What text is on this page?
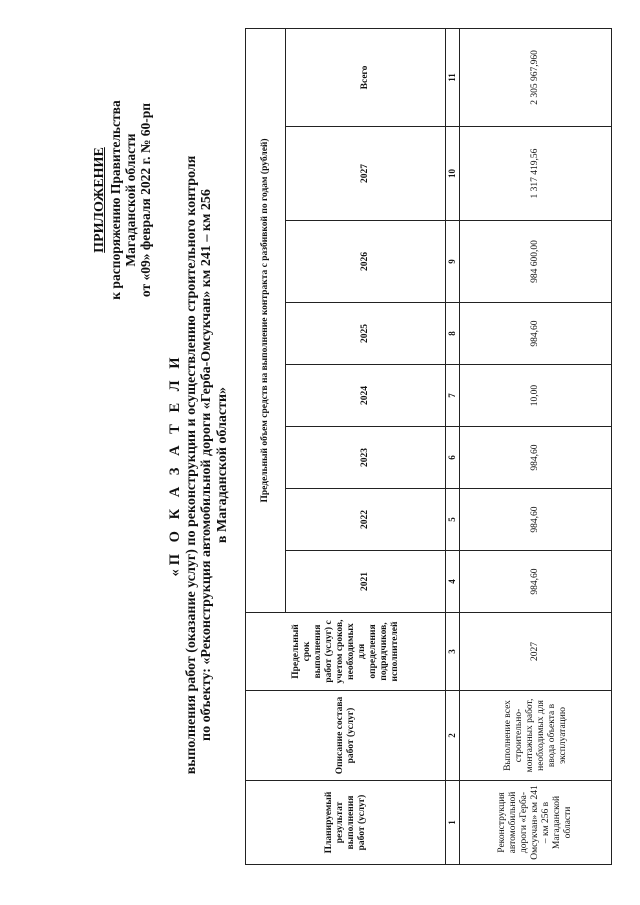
ПРИЛОЖЕНИЕ к распоряжению Правительства Магаданской области от «09» февраля 2022 г. № 60-рп
«П О К А З А Т Е Л И выполнения работ (оказание услуг) по реконструкции и осуществлению строительного контроля по объекту: «Реконструкция автомобильной дороги «Герба-Омсукчан» км 241 – км 256 в Магаданской области»
Планируемый результат выполнения работ (услуг)	Описание состава работ (услуг)	Предельный срок выполнения работ (услуг) с учетом сроков, необходимых для определения подрядчиков, исполнителей	Предельный объем средств на выполнение контракта с разбивкой по годам (рублей)							
			2021	2022	2023	2024	2025	2026	2027	Всего
1	2	3	4	5	6	7	8	9	10	11
Реконструкция автомобильной дороги «Герба-Омсукчан» км 241 – км 256 в Магаданской области	Выполнение всех строительно-монтажных работ, необходимых для ввода объекта в эксплуатацию	2027	984,60	984,60	984,60	10,00	984,60	984 600,00	1 317 419,56	2 305 967,960
